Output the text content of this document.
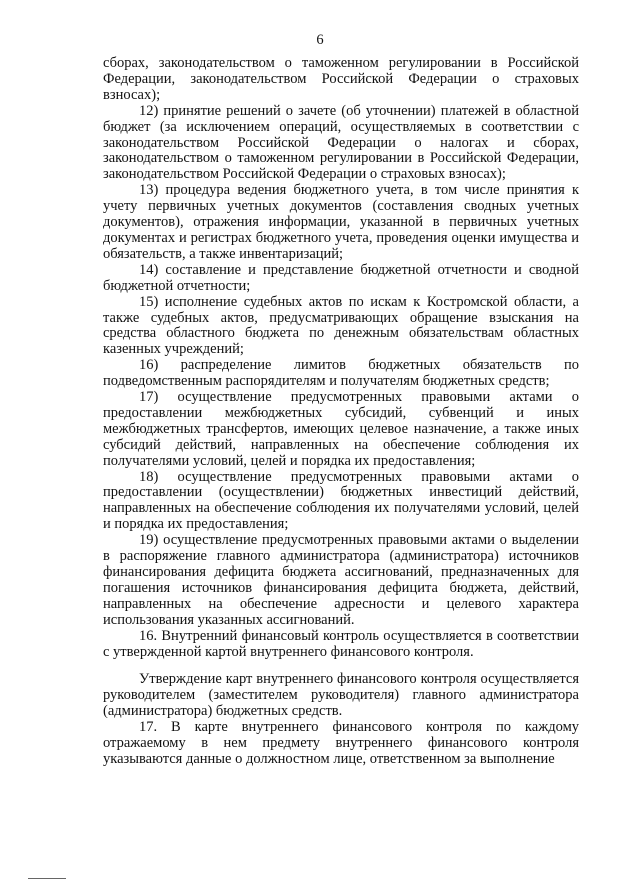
6

сборах, законодательством о таможенном регулировании в Российской Федерации, законодательством Российской Федерации о страховых взносах);

12) принятие решений о зачете (об уточнении) платежей в областной бюджет (за исключением операций, осуществляемых в соответствии с законодательством Российской Федерации о налогах и сборах, законодательством о таможенном регулировании в Российской Федерации, законодательством Российской Федерации о страховых взносах);

13) процедура ведения бюджетного учета, в том числе принятия к учету первичных учетных документов (составления сводных учетных документов), отражения информации, указанной в первичных учетных документах и регистрах бюджетного учета, проведения оценки имущества и обязательств, а также инвентаризаций;

14) составление и представление бюджетной отчетности и сводной бюджетной отчетности;

15) исполнение судебных актов по искам к Костромской области, а также судебных актов, предусматривающих обращение взыскания на средства областного бюджета по денежным обязательствам областных казенных учреждений;

16) распределение лимитов бюджетных обязательств по подведомственным распорядителям и получателям бюджетных средств;

17) осуществление предусмотренных правовыми актами о предоставлении межбюджетных субсидий, субвенций и иных межбюджетных трансфертов, имеющих целевое назначение, а также иных субсидий действий, направленных на обеспечение соблюдения их получателями условий, целей и порядка их предоставления;

18) осуществление предусмотренных правовыми актами о предоставлении (осуществлении) бюджетных инвестиций действий, направленных на обеспечение соблюдения их получателями условий, целей и порядка их предоставления;

19) осуществление предусмотренных правовыми актами о выделении в распоряжение главного администратора (администратора) источников финансирования дефицита бюджета ассигнований, предназначенных для погашения источников финансирования дефицита бюджета, действий, направленных на обеспечение адресности и целевого характера использования указанных ассигнований.

16. Внутренний финансовый контроль осуществляется в соответствии с утвержденной картой внутреннего финансового контроля.

Утверждение карт внутреннего финансового контроля осуществляется руководителем (заместителем руководителя) главного администратора (администратора) бюджетных средств.

17. В карте внутреннего финансового контроля по каждому отражаемому в нем предмету внутреннего финансового контроля указываются данные о должностном лице, ответственном за выполнение
